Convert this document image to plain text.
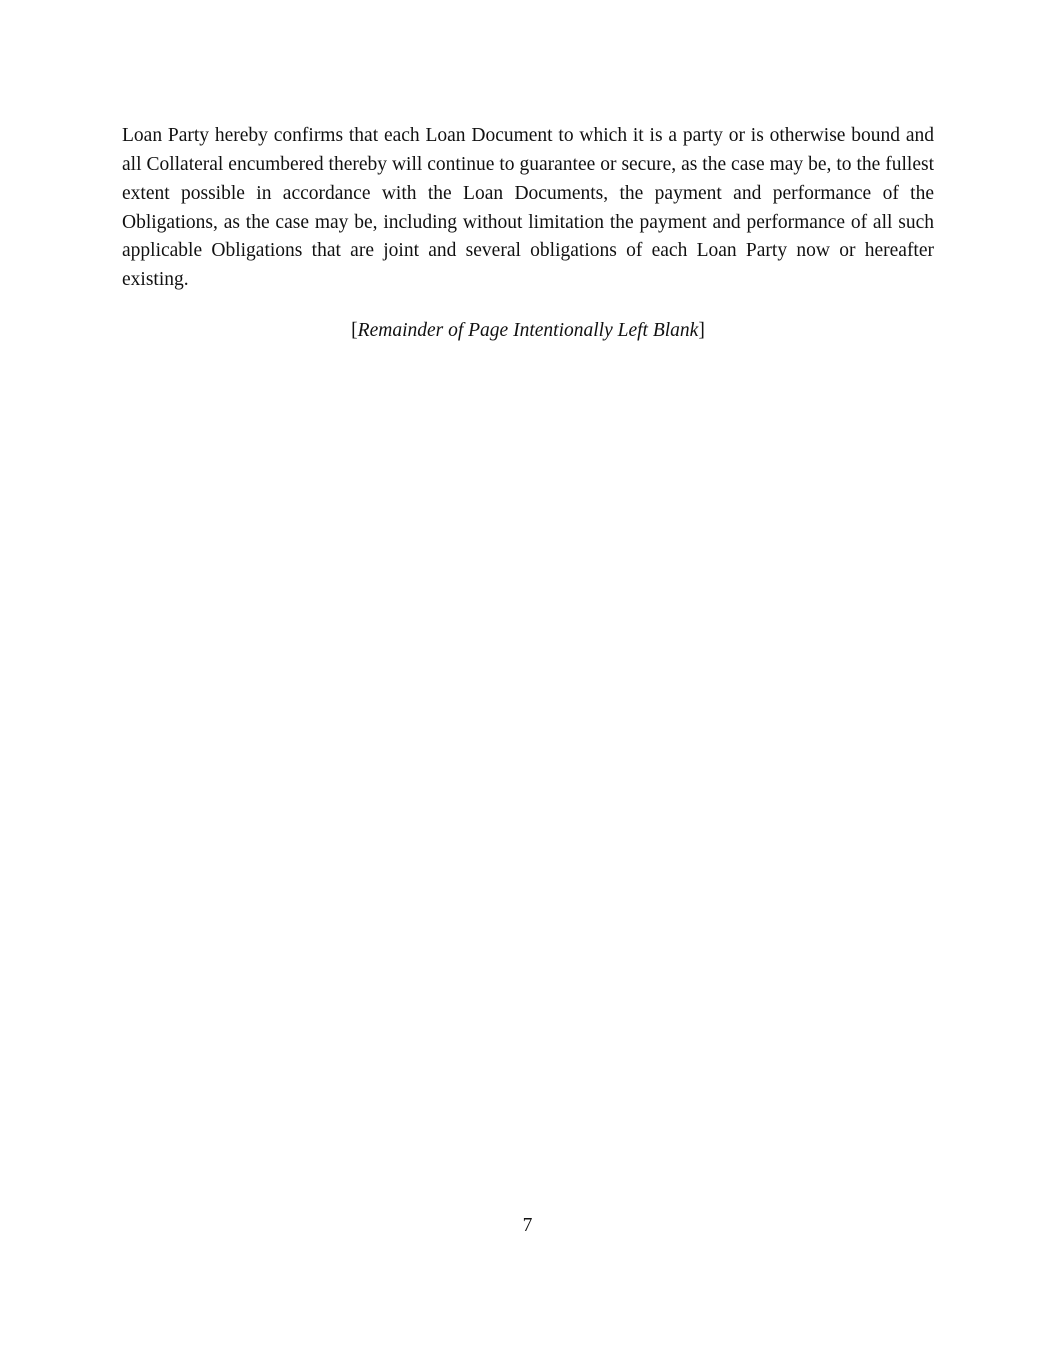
Loan Party hereby confirms that each Loan Document to which it is a party or is otherwise bound and all Collateral encumbered thereby will continue to guarantee or secure, as the case may be, to the fullest extent possible in accordance with the Loan Documents, the payment and performance of the Obligations, as the case may be, including without limitation the payment and performance of all such applicable Obligations that are joint and several obligations of each Loan Party now or hereafter existing.

[Remainder of Page Intentionally Left Blank]
7
